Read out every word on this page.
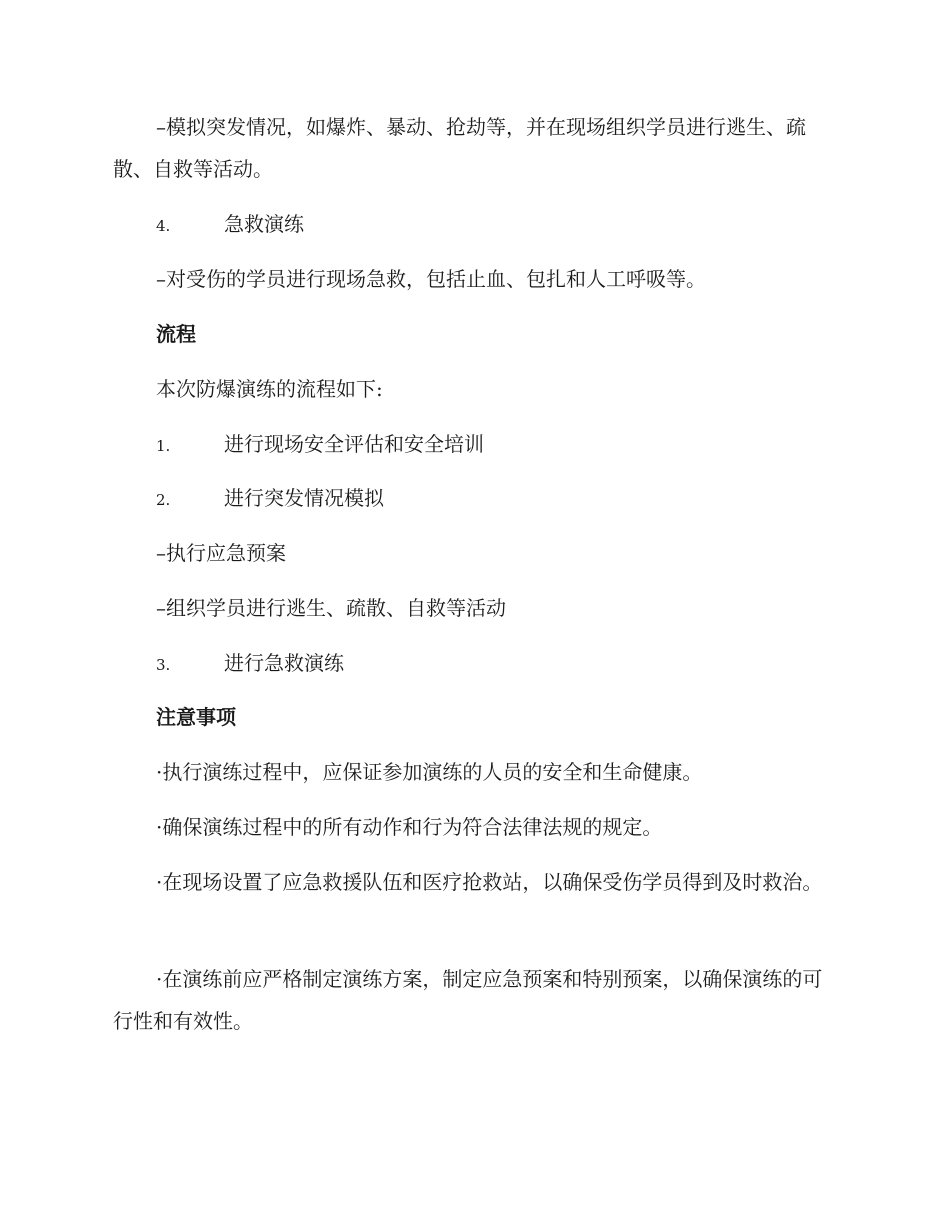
–模拟突发情况，如爆炸、暴动、抢劫等，并在现场组织学员进行逃生、疏散、自救等活动。

4.	急救演练

–对受伤的学员进行现场急救，包括止血、包扎和人工呼吸等。

流程

本次防爆演练的流程如下:

1.	进行现场安全评估和安全培训

2.	进行突发情况模拟

–执行应急预案

–组织学员进行逃生、疏散、自救等活动

3.	进行急救演练

注意事项

·执行演练过程中，应保证参加演练的人员的安全和生命健康。

·确保演练过程中的所有动作和行为符合法律法规的规定。

·在现场设置了应急救援队伍和医疗抢救站，以确保受伤学员得到及时救治。

·在演练前应严格制定演练方案，制定应急预案和特别预案，以确保演练的可行性和有效性。
